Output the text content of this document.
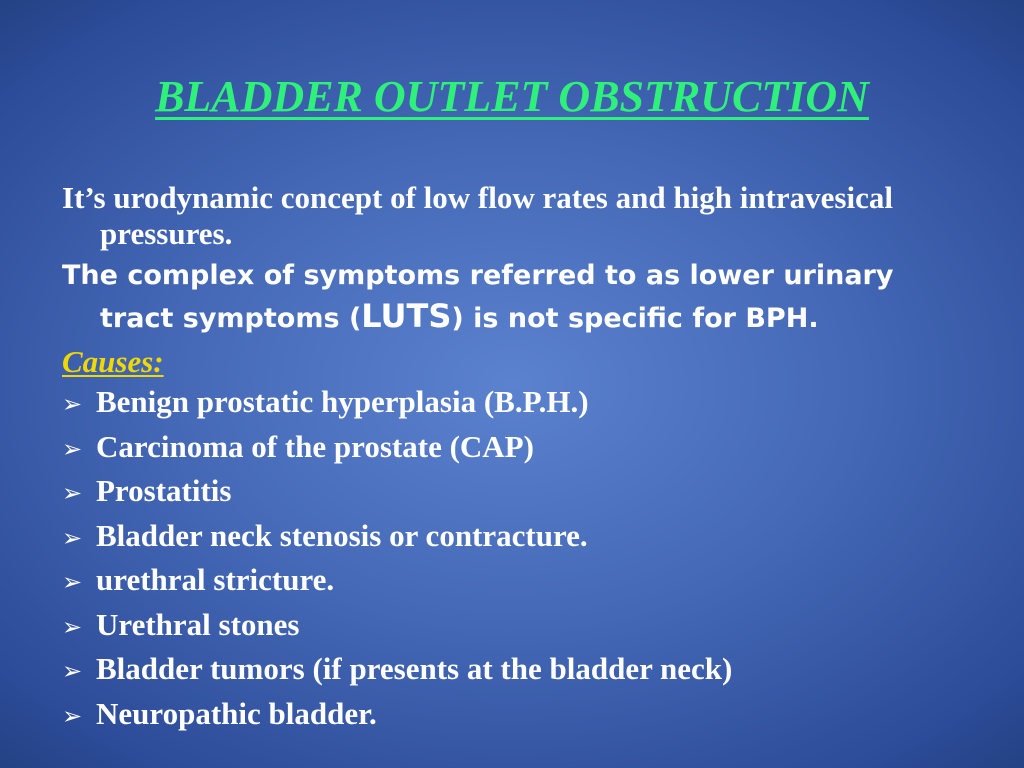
BLADDER OUTLET OBSTRUCTION

It’s urodynamic concept of low flow rates and high intravesical pressures.

The complex of symptoms referred to as lower urinary tract symptoms (LUTS) is not specific for BPH.

Causes:
➢ Benign prostatic hyperplasia (B.P.H.)
➢ Carcinoma of the prostate (CAP)
➢ Prostatitis
➢ Bladder neck stenosis or contracture.
➢ urethral stricture.
➢ Urethral stones
➢ Bladder tumors (if presents at the bladder neck)
➢ Neuropathic bladder.
